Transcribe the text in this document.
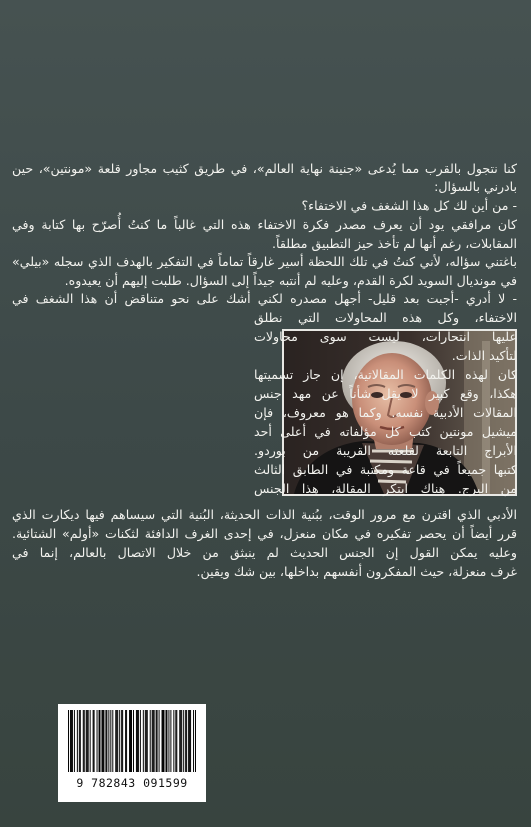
كنا نتجول بالقرب مما يُدعى «جنينة نهاية العالم»، في طريق كثيب مجاور قلعة «مونتين»، حين
بادرني بالسؤال:
- من أين لك كل هذا الشغف في الاختفاء؟
كان مرافقي يود أن يعرف مصدر فكرة الاختفاء هذه التي غالباً ما كنتُ أُصرّح بها كتابة وفي
المقابلات، رغم أنها لم تأخذ حيز التطبيق مطلقاً.
باغتني سؤاله، لأني كنتُ في تلك اللحظة أسير غارقاً تماماً في التفكير بالهدف الذي سجله «بيلي»
في مونديال السويد لكرة القدم، وعليه لم أنتبه جيداً إلى السؤال. طلبت إليهم أن يعيدوه.
- لا أدري -أجبت بعد قليل- أجهل مصدره لكني أشك على نحو متناقض أن هذا الشغف في
الاختفاء، وكل هذه المحاولات التي نطلق
عليها انتحارات، ليست سوى محاولات
لتأكيد الذات.
كان لهذه الكلمات المقالاتية، إن جاز تسميتها
هكذا، وقع كبير لا يقل شأناً عن مهد جنس
المقالات الأدبية نفسه. وكما هو معروف، فإن
ميشيل مونتين كتب كل مؤلفاته في أعلى أحد
الأبراج التابعة لقلعته القريبة من بوردو.
كتبها جميعاً في قاعة ومكتبة في الطابق الثالث
من البرج. هناك ابتكر المقالة، هذا الجنس
الأدبي الذي اقترن مع مرور الوقت، ببُنية الذات الحديثة، البُنية التي سيساهم فيها ديكارت الذي
قرر أيضاً أن يحصر تفكيره في مكان منعزل، في إحدى الغرف الدافئة لثكنات «أولم» الشتائية.
وعليه يمكن القول إن الجنس الحديث لم ينبثق من خلال الاتصال بالعالم، إنما في
غرف منعزلة، حيث المفكرون أنفسهم بداخلها، بين شك ويقين.
9 782843 091599
